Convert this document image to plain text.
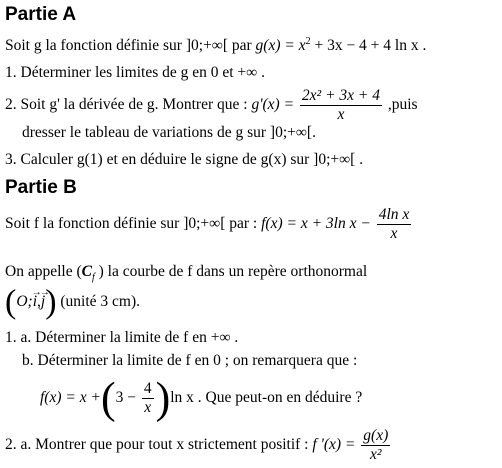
Partie A
Soit g la fonction définie sur ]0;+∞[ par $g(x) = x^2 + 3x - 4 + 4$ ln x .
1. Déterminer les limites de g en 0 et +∞ .
2. Soit g' la dérivée de g. Montrer que : $g'(x) = \frac{\text{2x² + 3x + 4}}{x}$ ,puis
dresser le tableau de variations de g sur ]0;+∞[.
3. Calculer g(1) et en déduire le signe de g(x) sur ]0;+∞[ .
Partie B
Soit f la fonction définie sur ]0;+∞[ par : f(x) = x + 3ln $x - \frac{\text{4ln x}}{x}$
On appelle ($C_f$ ) la courbe de f dans un repère orthonormal
(O;→ i,→ j) (unité 3 cm).
1. a. Déterminer la limite de f en +∞ .
b. Déterminer la limite de f en 0 ; on remarquera que :
$f(x) = x +(3 - \frac{4}{x} )\ln$ x . Que peut-on en déduire ?
2. a. Montrer que pour tout x strictement positif : f '$(x) = \frac{g(x)}{\text{x²}}$
